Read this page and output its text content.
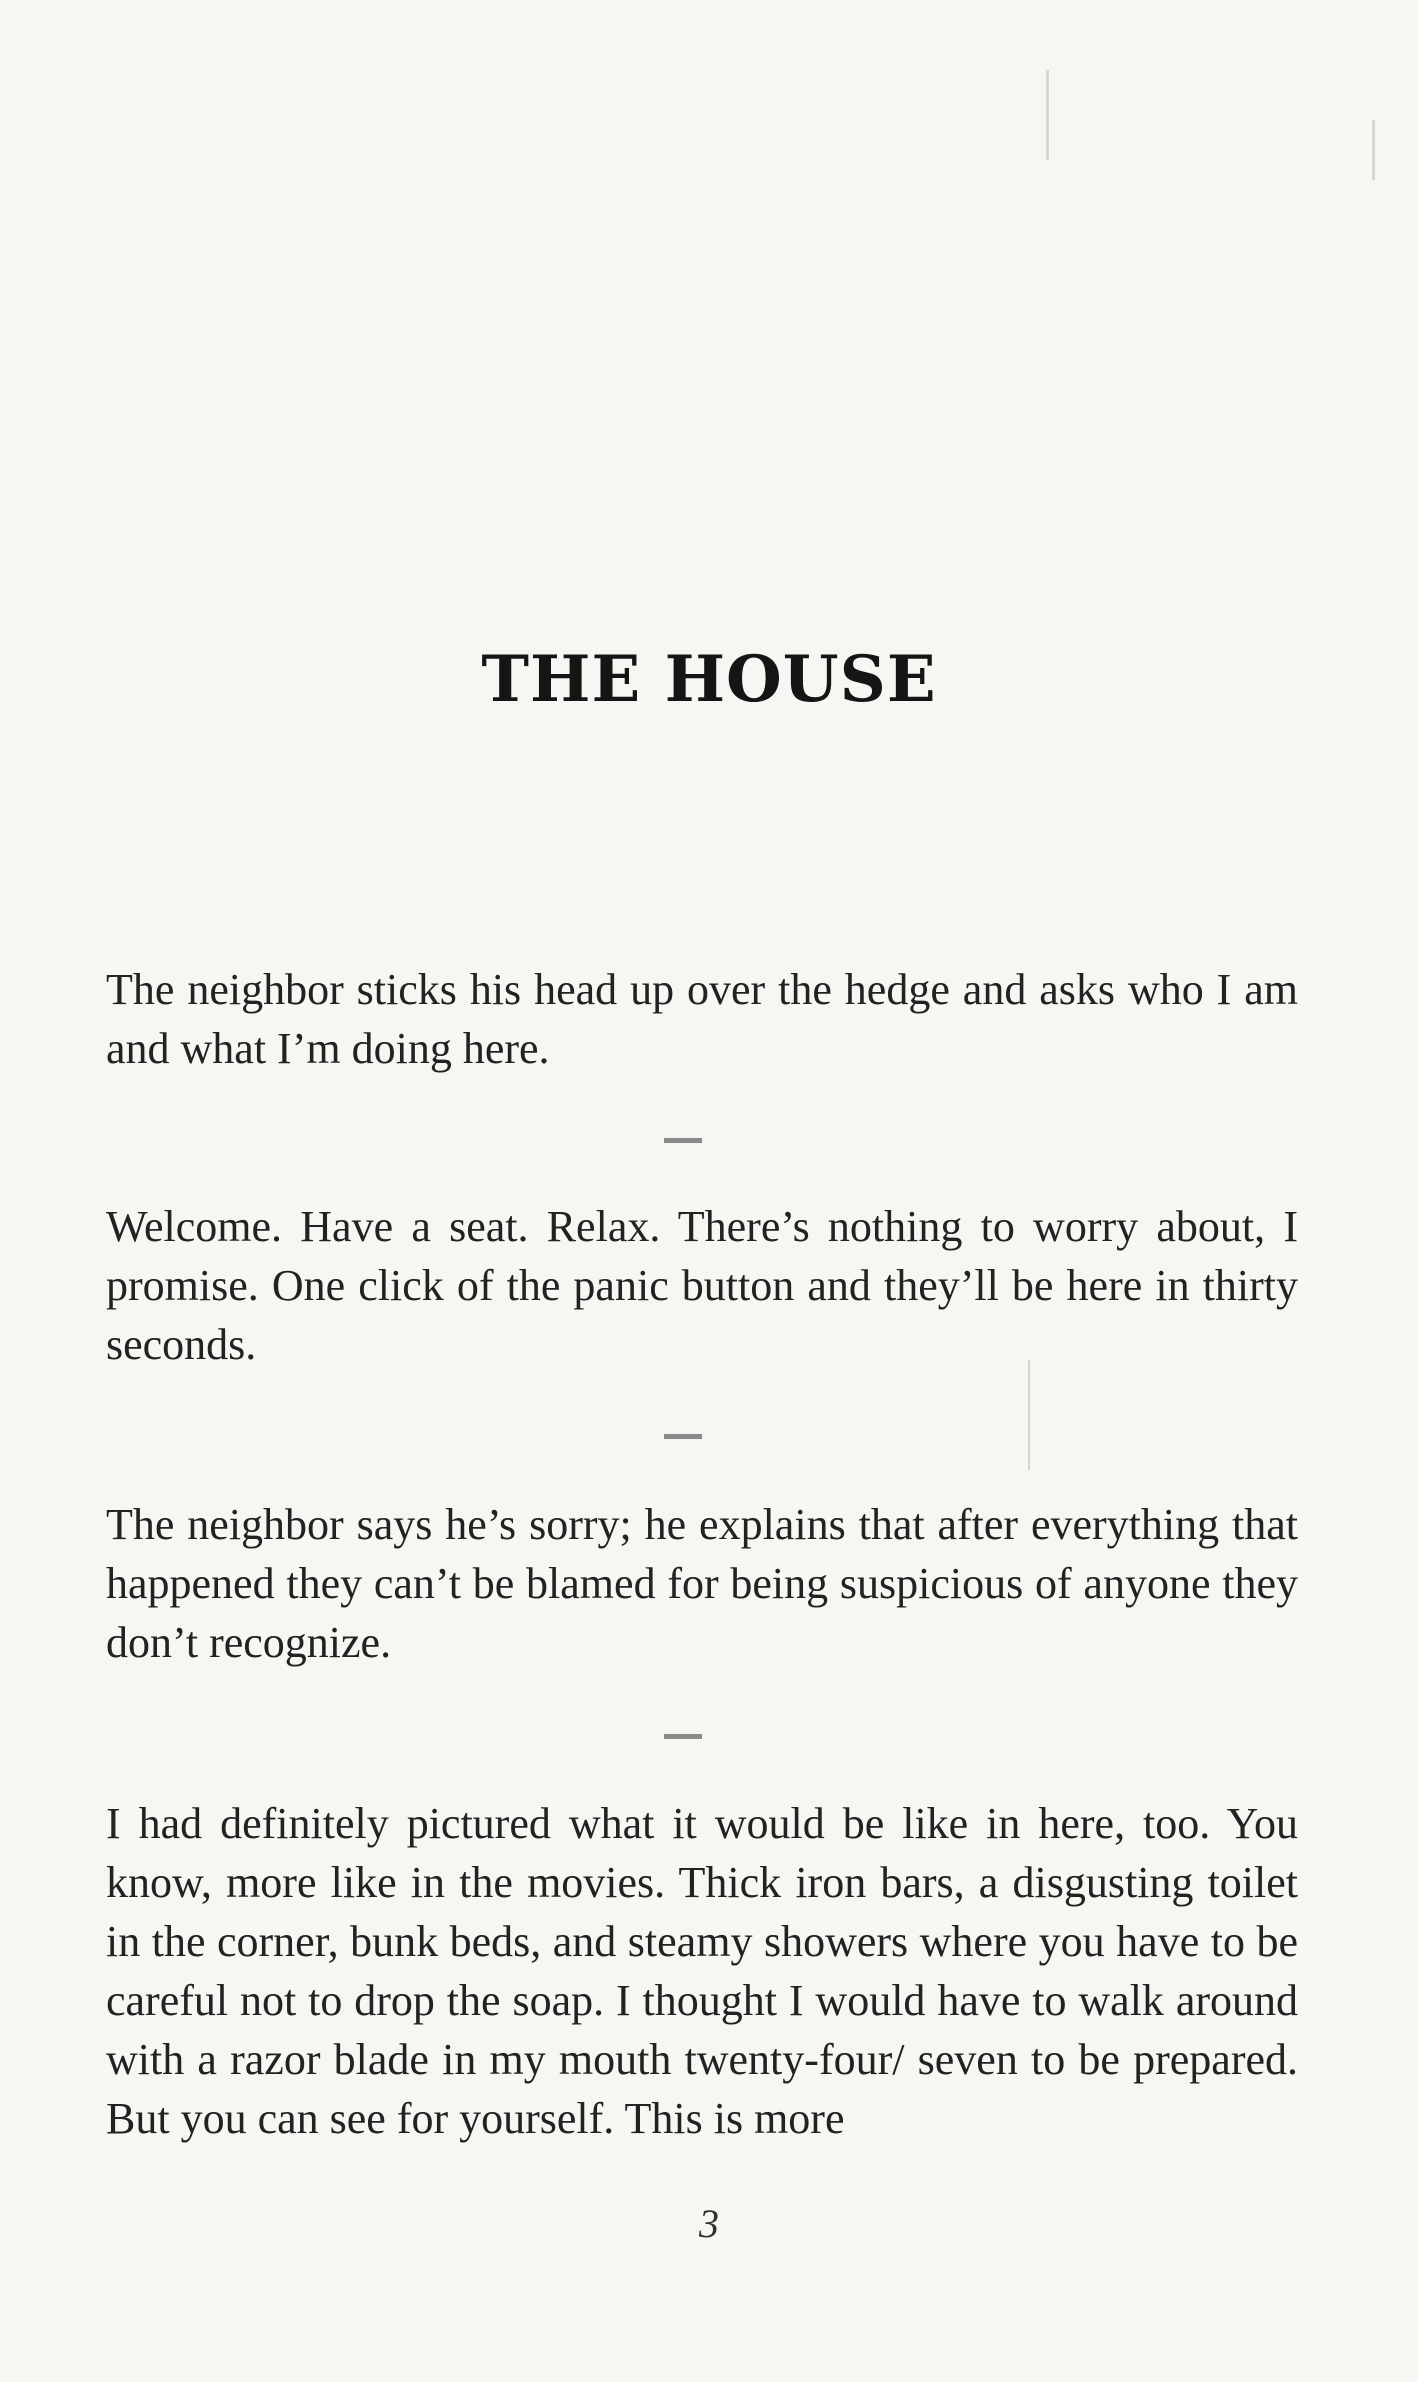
THE HOUSE

The neighbor sticks his head up over the hedge and asks who I am and what I’m doing here.

Welcome. Have a seat. Relax. There’s nothing to worry about, I promise. One click of the panic button and they’ll be here in thirty seconds.

The neighbor says he’s sorry; he explains that after everything that happened they can’t be blamed for being suspicious of anyone they don’t recognize.

I had definitely pictured what it would be like in here, too. You know, more like in the movies. Thick iron bars, a disgusting toilet in the corner, bunk beds, and steamy showers where you have to be careful not to drop the soap. I thought I would have to walk around with a razor blade in my mouth twenty-four/ seven to be prepared. But you can see for yourself. This is more

3
